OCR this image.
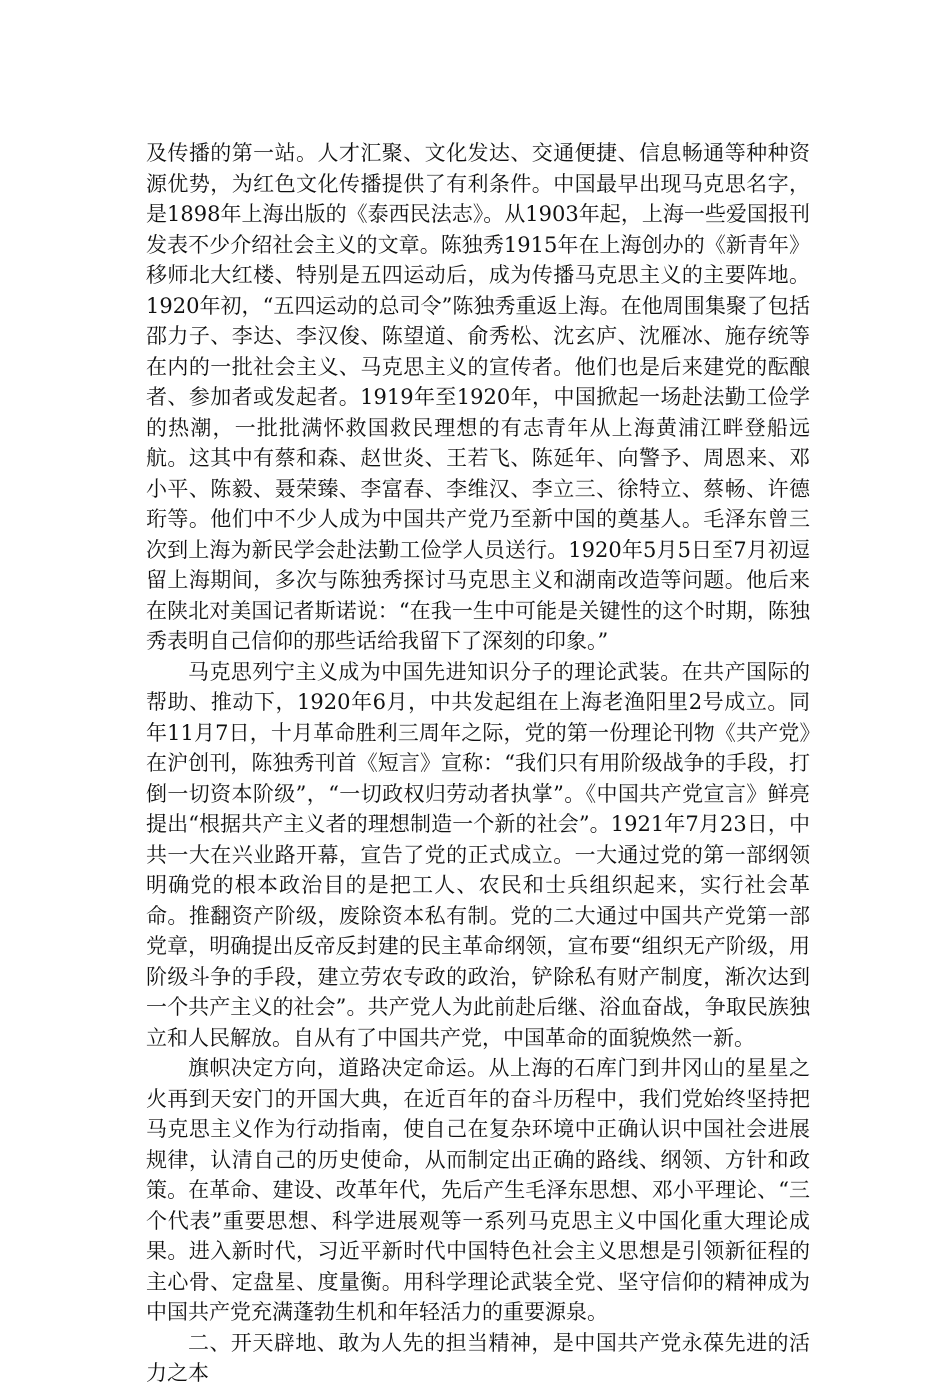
及传播的第一站。人才汇聚、文化发达、交通便捷、信息畅通等种种资源优势，为红色文化传播提供了有利条件。中国最早出现马克思名字，是1898年上海出版的《泰西民法志》。从1903年起，上海一些爱国报刊发表不少介绍社会主义的文章。陈独秀1915年在上海创办的《新青年》移师北大红楼、特别是五四运动后，成为传播马克思主义的主要阵地。1920年初，“五四运动的总司令”陈独秀重返上海。在他周围集聚了包括邵力子、李达、李汉俊、陈望道、俞秀松、沈玄庐、沈雁冰、施存统等在内的一批社会主义、马克思主义的宣传者。他们也是后来建党的酝酿者、参加者或发起者。1919年至1920年，中国掀起一场赴法勤工俭学的热潮，一批批满怀救国救民理想的有志青年从上海黄浦江畔登船远航。这其中有蔡和森、赵世炎、王若飞、陈延年、向警予、周恩来、邓小平、陈毅、聂荣臻、李富春、李维汉、李立三、徐特立、蔡畅、许德珩等。他们中不少人成为中国共产党乃至新中国的奠基人。毛泽东曾三次到上海为新民学会赴法勤工俭学人员送行。1920年5月5日至7月初逗留上海期间，多次与陈独秀探讨马克思主义和湖南改造等问题。他后来在陕北对美国记者斯诺说：“在我一生中可能是关键性的这个时期，陈独秀表明自己信仰的那些话给我留下了深刻的印象。”

马克思列宁主义成为中国先进知识分子的理论武装。在共产国际的帮助、推动下，1920年6月，中共发起组在上海老渔阳里2号成立。同年11月7日，十月革命胜利三周年之际，党的第一份理论刊物《共产党》在沪创刊，陈独秀刊首《短言》宣称：“我们只有用阶级战争的手段，打倒一切资本阶级”，“一切政权归劳动者执掌”。《中国共产党宣言》鲜亮提出“根据共产主义者的理想制造一个新的社会”。1921年7月23日，中共一大在兴业路开幕，宣告了党的正式成立。一大通过党的第一部纲领明确党的根本政治目的是把工人、农民和士兵组织起来，实行社会革命。推翻资产阶级，废除资本私有制。党的二大通过中国共产党第一部党章，明确提出反帝反封建的民主革命纲领，宣布要“组织无产阶级，用阶级斗争的手段，建立劳农专政的政治，铲除私有财产制度，渐次达到一个共产主义的社会”。共产党人为此前赴后继、浴血奋战，争取民族独立和人民解放。自从有了中国共产党，中国革命的面貌焕然一新。

旗帜决定方向，道路决定命运。从上海的石库门到井冈山的星星之火再到天安门的开国大典，在近百年的奋斗历程中，我们党始终坚持把马克思主义作为行动指南，使自己在复杂环境中正确认识中国社会进展规律，认清自己的历史使命，从而制定出正确的路线、纲领、方针和政策。在革命、建设、改革年代，先后产生毛泽东思想、邓小平理论、“三个代表”重要思想、科学进展观等一系列马克思主义中国化重大理论成果。进入新时代，习近平新时代中国特色社会主义思想是引领新征程的主心骨、定盘星、度量衡。用科学理论武装全党、坚守信仰的精神成为中国共产党充满蓬勃生机和年轻活力的重要源泉。

二、开天辟地、敢为人先的担当精神，是中国共产党永葆先进的活力之本
